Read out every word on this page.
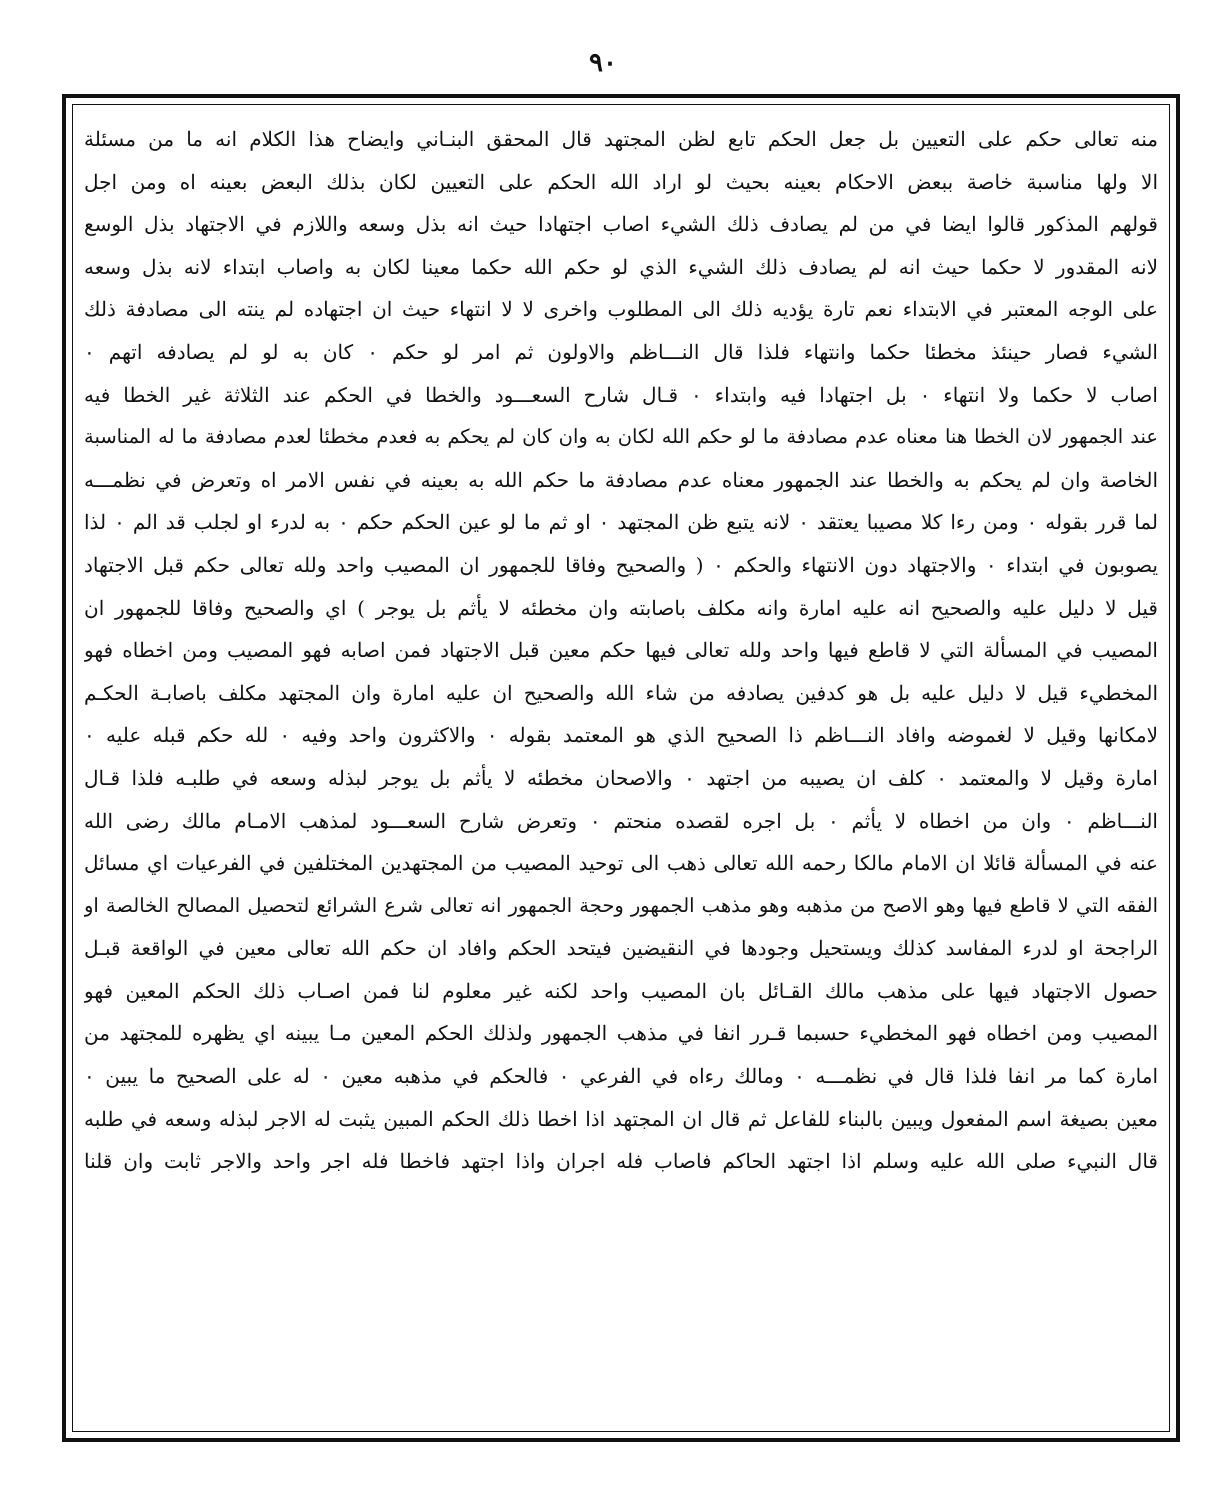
٩٠
منه تعالى حكم على التعيين بل جعل الحكم تابع لظن المجتهد قال المحقق البنـاني وايضاح هذا الكلام انه ما من مسئلة
الا ولها مناسبة خاصة ببعض الاحكام بعينه بحيث لو اراد الله الحكم على التعيين لكان بذلك البعض بعينه اه ومن اجل
قولهم المذكور قالوا ايضا في من لم يصادف ذلك الشيء اصاب اجتهادا حيث انه بذل وسعه واللازم في الاجتهاد بذل الوسع
لانه المقدور لا حكما حيث انه لم يصادف ذلك الشيء الذي لو حكم الله حكما معينا لكان به واصاب ابتداء لانه بذل وسعه
على الوجه المعتبر في الابتداء نعم تارة يؤديه ذلك الى المطلوب واخرى لا لا انتهاء حيث ان اجتهاده لم ينته الى مصادفة ذلك
الشيء فصار حينئذ مخطئا حكما وانتهاء فلذا قال النـــاظم والاولون ثم امر لو حكم ٠ كان به لو لم يصادفه اتهم ٠
اصاب لا حكما ولا انتهاء ٠ بل اجتهادا فيه وابتداء ٠ قـال شارح السعـــود والخطا في الحكم عند الثلاثة غير الخطا فيه
عند الجمهور لان الخطا هنا معناه عدم مصادفة ما لو حكم الله لكان به وان كان لم يحكم به فعدم مخطئا لعدم مصادفة ما له المناسبة
الخاصة وان لم يحكم به والخطا عند الجمهور معناه عدم مصادفة ما حكم الله به بعينه في نفس الامر اه وتعرض في نظمـــه
لما قرر بقوله ٠ ومن رءا كلا مصيبا يعتقد ٠ لانه يتبع ظن المجتهد ٠ او ثم ما لو عين الحكم حكم ٠ به لدرء او لجلب قد الم ٠ لذا
يصوبون في ابتداء ٠ والاجتهاد دون الانتهاء والحكم ٠ ( والصحيح وفاقا للجمهور ان المصيب واحد ولله تعالى حكم قبل الاجتهاد
قيل لا دليل عليه والصحيح انه عليه امارة وانه مكلف باصابته وان مخطئه لا يأثم بل يوجر ) اي والصحيح وفاقا للجمهور ان
المصيب في المسألة التي لا قاطع فيها واحد ولله تعالى فيها حكم معين قبل الاجتهاد فمن اصابه فهو المصيب ومن اخطاه فهو
المخطيء قيل لا دليل عليه بل هو كدفين يصادفه من شاء الله والصحيح ان عليه امارة وان المجتهد مكلف باصابـة الحكـم
لامكانها وقيل لا لغموضه وافاد النـــاظم ذا الصحيح الذي هو المعتمد بقوله ٠ والاكثرون واحد وفيه ٠ لله حكم قبله عليه ٠
امارة وقيل لا والمعتمد ٠ كلف ان يصيبه من اجتهد ٠ والاصحان مخطئه لا يأثم بل يوجر لبذله وسعه في طلبـه فلذا قـال
النـــاظم ٠ وان من اخطاه لا يأثم ٠ بل اجره لقصده منحتم ٠ وتعرض شارح السعـــود لمذهب الامـام مالك رضى الله
عنه في المسألة قائلا ان الامام مالكا رحمه الله تعالى ذهب الى توحيد المصيب من المجتهدين المختلفين في الفرعيات اي مسائل
الفقه التي لا قاطع فيها وهو الاصح من مذهبه وهو مذهب الجمهور وحجة الجمهور انه تعالى شرع الشرائع لتحصيل المصالح الخالصة او
الراجحة او لدرء المفاسد كذلك ويستحيل وجودها في النقيضين فيتحد الحكم وافاد ان حكم الله تعالى معين في الواقعة قبـل
حصول الاجتهاد فيها على مذهب مالك القـائل بان المصيب واحد لكنه غير معلوم لنا فمن اصـاب ذلك الحكم المعين فهو
المصيب ومن اخطاه فهو المخطيء حسبما قـرر انفا في مذهب الجمهور ولذلك الحكم المعين مـا يبينه اي يظهره للمجتهد من
امارة كما مر انفا فلذا قال في نظمـــه ٠ ومالك رءاه في الفرعي ٠ فالحكم في مذهبه معين ٠ له على الصحيح ما يبين ٠
معين بصيغة اسم المفعول ويبين بالبناء للفاعل ثم قال ان المجتهد اذا اخطا ذلك الحكم المبين يثبت له الاجر لبذله وسعه في طلبه
قال النبيء صلى الله عليه وسلم اذا اجتهد الحاكم فاصاب فله اجران واذا اجتهد فاخطا فله اجر واحد والاجر ثابت وان قلنا
